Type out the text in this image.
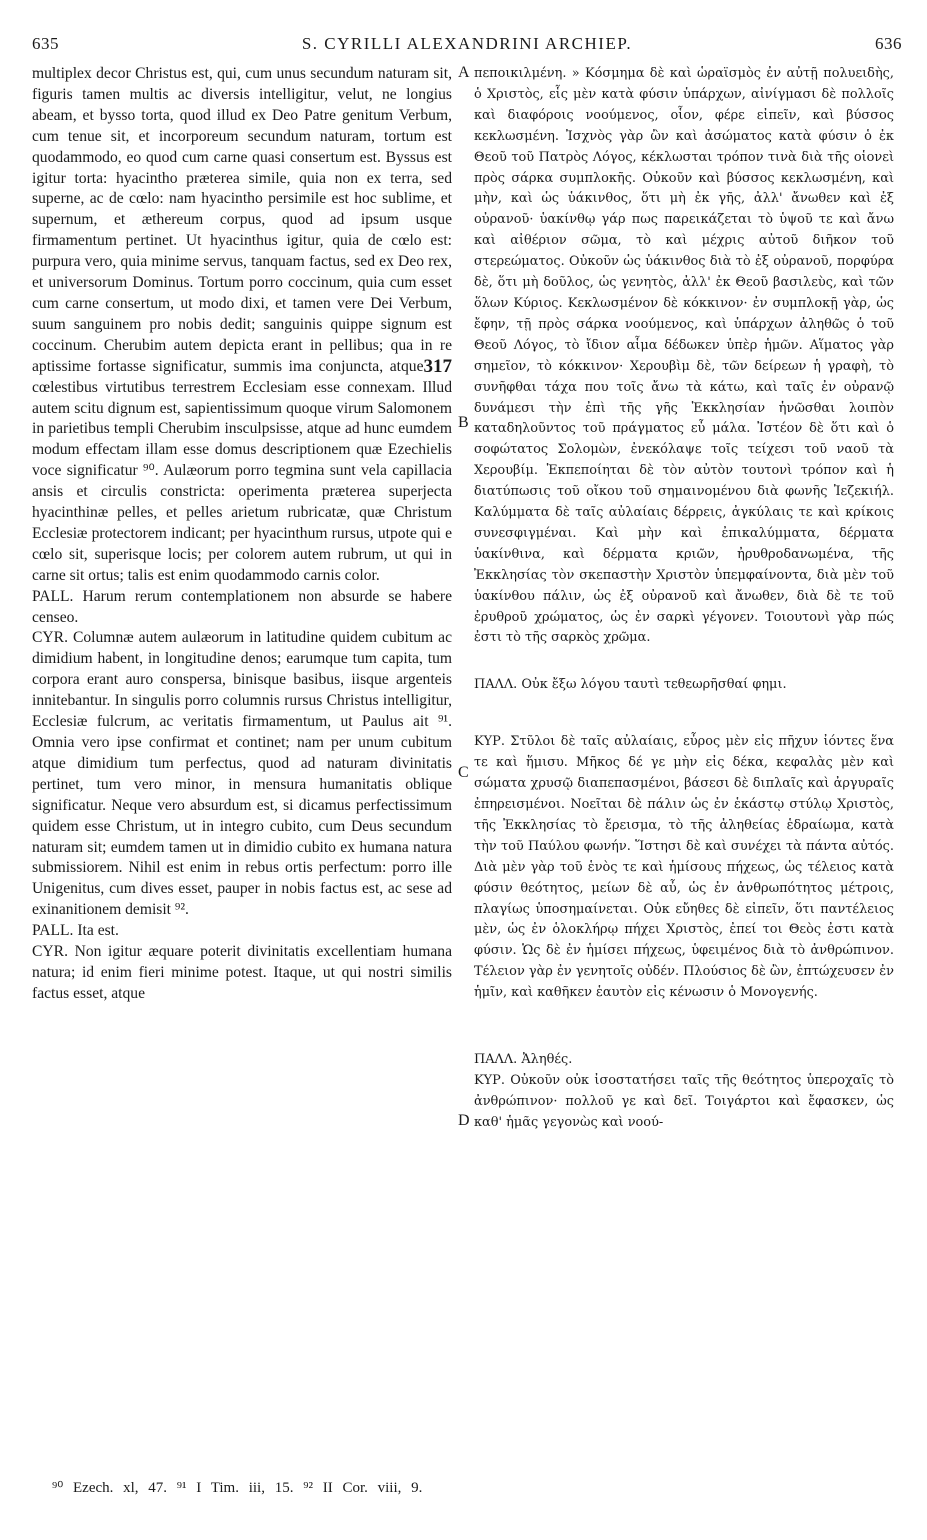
635	S. CYRILLI ALEXANDRINI ARCHIEP.	636

multiplex decor Christus est, qui, cum unus secundum naturam sit, figuris tamen multis ac diversis intelligitur, velut, ne longius abeam, et bysso torta, quod illud ex Deo Patre genitum Verbum, cum tenue sit, et incorporeum secundum naturam, tortum est quodammodo, eo quod cum carne quasi consertum est. Byssus est igitur torta: hyacintho præterea simile, quia non ex terra, sed superne, ac de cœlo: nam hyacintho persimile est hoc sublime, et supernum, et æthereum corpus, quod ad ipsum usque firmamentum pertinet. Ut hyacinthus igitur, quia de cœlo est: purpura vero, quia minime servus, tanquam factus, sed ex Deo rex, et universorum Dominus. Tortum porro coccinum, quia cum esset cum carne consertum, ut modo dixi, et tamen vere Dei Verbum, suum sanguinem pro nobis dedit; sanguinis quippe signum est coccinum. Cherubim autem depicta erant in pellibus; qua in re aptissime fortasse significatur, summis ima conjuncta, 317
atque cœlestibus virtutibus terrestrem Ecclesiam esse connexam. Illud autem scitu dignum est, sapientissimum quoque virum Salomonem in parietibus templi Cherubim insculpsisse, atque ad hunc eumdem modum effectam illam esse domus descriptionem quæ Ezechielis voce significatur ⁹⁰. Aulæorum porro tegmina sunt vela capillacia ansis et circulis constricta: operimenta præterea superjecta hyacinthinæ pelles, et pelles arietum rubricatæ, quæ Christum Ecclesiæ protectorem indicant; per hyacinthum rursus, utpote qui e cœlo sit, superisque locis; per colorem autem rubrum, ut qui in carne sit ortus; talis est enim quodammodo carnis color.

PALL. Harum rerum contemplationem non absurde se habere censeo.

CYR. Columnæ autem aulæorum in latitudine quidem cubitum ac dimidium habent, in longitudine denos; earumque tum capita, tum corpora erant auro conspersa, binisque basibus, iisque argenteis innitebantur. In singulis porro columnis rursus Christus intelligitur, Ecclesiæ fulcrum, ac veritatis firmamentum, ut Paulus ait ⁹¹. Omnia vero ipse confirmat et continet; nam per unum cubitum atque dimidium tum perfectus, quod ad naturam divinitatis pertinet, tum vero minor, in mensura humanitatis oblique significatur. Neque vero absurdum est, si dicamus perfectissimum quidem esse Christum, ut in integro cubito, cum Deus secundum naturam sit; eumdem tamen ut in dimidio cubito ex humana natura submissiorem. Nihil est enim in rebus ortis perfectum: porro ille Unigenitus, cum dives esset, pauper in nobis factus est, ac sese ad exinanitionem demisit ⁹².

PALL. Ita est.

CYR. Non igitur æquare poterit divinitatis excellentiam humana natura; id enim fieri minime potest. Itaque, ut qui nostri similis factus esset, atque

A
B
C
D

πεποικιλμένη. » Κόσμημα δὲ καὶ ὡραϊσμὸς ἐν αὐτῇ πολυειδὴς, ὁ Χριστὸς, εἷς μὲν κατὰ φύσιν ὑπάρχων, αἰνίγμασι δὲ πολλοῖς καὶ διαφόροις νοούμενος, οἷον, φέρε εἰπεῖν, καὶ βύσσος κεκλωσμένη. Ἰσχνὸς γὰρ ὢν καὶ ἀσώματος κατὰ φύσιν ὁ ἐκ Θεοῦ τοῦ Πατρὸς Λόγος, κέκλωσται τρόπον τινὰ διὰ τῆς οἱονεὶ πρὸς σάρκα συμπλοκῆς. Οὐκοῦν καὶ βύσσος κεκλωσμένη, καὶ μὴν, καὶ ὡς ὑάκινθος, ὅτι μὴ ἐκ γῆς, ἀλλ' ἄνωθεν καὶ ἐξ οὐρανοῦ· ὑακίνθῳ γάρ πως παρεικάζεται τὸ ὑψοῦ τε καὶ ἄνω καὶ αἰθέριον σῶμα, τὸ καὶ μέχρις αὐτοῦ διῆκον τοῦ στερεώματος. Οὐκοῦν ὡς ὑάκινθος διὰ τὸ ἐξ οὐρανοῦ, πορφύρα δὲ, ὅτι μὴ δοῦλος, ὡς γενητὸς, ἀλλ' ἐκ Θεοῦ βασιλεὺς, καὶ τῶν ὅλων Κύριος. Κεκλωσμένον δὲ κόκκινον· ἐν συμπλοκῇ γὰρ, ὡς ἔφην, τῇ πρὸς σάρκα νοούμενος, καὶ ὑπάρχων ἀληθῶς ὁ τοῦ Θεοῦ Λόγος, τὸ ἴδιον αἷμα δέδωκεν ὑπὲρ ἡμῶν. Αἵματος γὰρ σημεῖον, τὸ κόκκινον· Χερουβὶμ δὲ, τῶν δείρεων ἡ γραφὴ, τὸ συνῆφθαι τάχα που τοῖς ἄνω τὰ κάτω, καὶ ταῖς ἐν οὐρανῷ δυνάμεσι τὴν ἐπὶ τῆς γῆς Ἐκκλησίαν ἡνῶσθαι λοιπὸν καταδηλοῦντος τοῦ πράγματος εὖ μάλα. Ἰστέον δὲ ὅτι καὶ ὁ σοφώτατος Σολομὼν, ἐνεκόλαψε τοῖς τείχεσι τοῦ ναοῦ τὰ Χερουβίμ. Ἐκπεποίηται δὲ τὸν αὐτὸν τουτονὶ τρόπον καὶ ἡ διατύπωσις τοῦ οἴκου τοῦ σημαινομένου διὰ φωνῆς Ἰεζεκιήλ. Καλύμματα δὲ ταῖς αὐλαίαις δέρρεις, ἀγκύλαις τε καὶ κρίκοις συνεσφιγμέναι. Καὶ μὴν καὶ ἐπικαλύμματα, δέρματα ὑακίνθινα, καὶ δέρματα κριῶν, ἠρυθροδανωμένα, τῆς Ἐκκλησίας τὸν σκεπαστὴν Χριστὸν ὑπεμφαίνοντα, διὰ μὲν τοῦ ὑακίνθου πάλιν, ὡς ἐξ οὐρανοῦ καὶ ἄνωθεν, διὰ δὲ τε τοῦ ἐρυθροῦ χρώματος, ὡς ἐν σαρκὶ γέγονεν. Τοιουτονὶ γὰρ πώς ἐστι τὸ τῆς σαρκὸς χρῶμα.

ΠΑΛΛ. Οὐκ ἔξω λόγου ταυτὶ τεθεωρῆσθαί φημι.

ΚΥΡ. Στῦλοι δὲ ταῖς αὐλαίαις, εὖρος μὲν εἰς πῆχυν ἰόντες ἕνα τε καὶ ἥμισυ. Μῆκος δέ γε μὴν εἰς δέκα, κεφαλὰς μὲν καὶ σώματα χρυσῷ διαπεπασμένοι, βάσεσι δὲ διπλαῖς καὶ ἀργυραῖς ἐπηρεισμένοι. Νοεῖται δὲ πάλιν ὡς ἐν ἑκάστῳ στύλῳ Χριστὸς, τῆς Ἐκκλησίας τὸ ἔρεισμα, τὸ τῆς ἀληθείας ἑδραίωμα, κατὰ τὴν τοῦ Παύλου φωνήν. Ἵστησι δὲ καὶ συνέχει τὰ πάντα αὐτός. Διὰ μὲν γὰρ τοῦ ἑνὸς τε καὶ ἡμίσους πήχεως, ὡς τέλειος κατὰ φύσιν θεότητος, μείων δὲ αὖ, ὡς ἐν ἀνθρωπότητος μέτροις, πλαγίως ὑποσημαίνεται. Οὐκ εὔηθες δὲ εἰπεῖν, ὅτι παντέλειος μὲν, ὡς ἐν ὁλοκλήρῳ πήχει Χριστὸς, ἐπεί τοι Θεὸς ἐστι κατὰ φύσιν. Ὡς δὲ ἐν ἡμίσει πήχεως, ὑφειμένος διὰ τὸ ἀνθρώπινον. Τέλειον γὰρ ἐν γενητοῖς οὐδέν. Πλούσιος δὲ ὢν, ἐπτώχευσεν ἐν ἡμῖν, καὶ καθῆκεν ἑαυτὸν εἰς κένωσιν ὁ Μονογενής.

ΠΑΛΛ. Ἀληθές.

ΚΥΡ. Οὐκοῦν οὐκ ἰσοστατήσει ταῖς τῆς θεότητος ὑπεροχαῖς τὸ ἀνθρώπινον· πολλοῦ γε καὶ δεῖ. Τοιγάρτοι καὶ ἔφασκεν, ὡς καθ' ἡμᾶς γεγονὼς καὶ νοού-

⁹⁰ Ezech. xl, 47. ⁹¹ I Tim. iii, 15. ⁹² II Cor. viii, 9.
